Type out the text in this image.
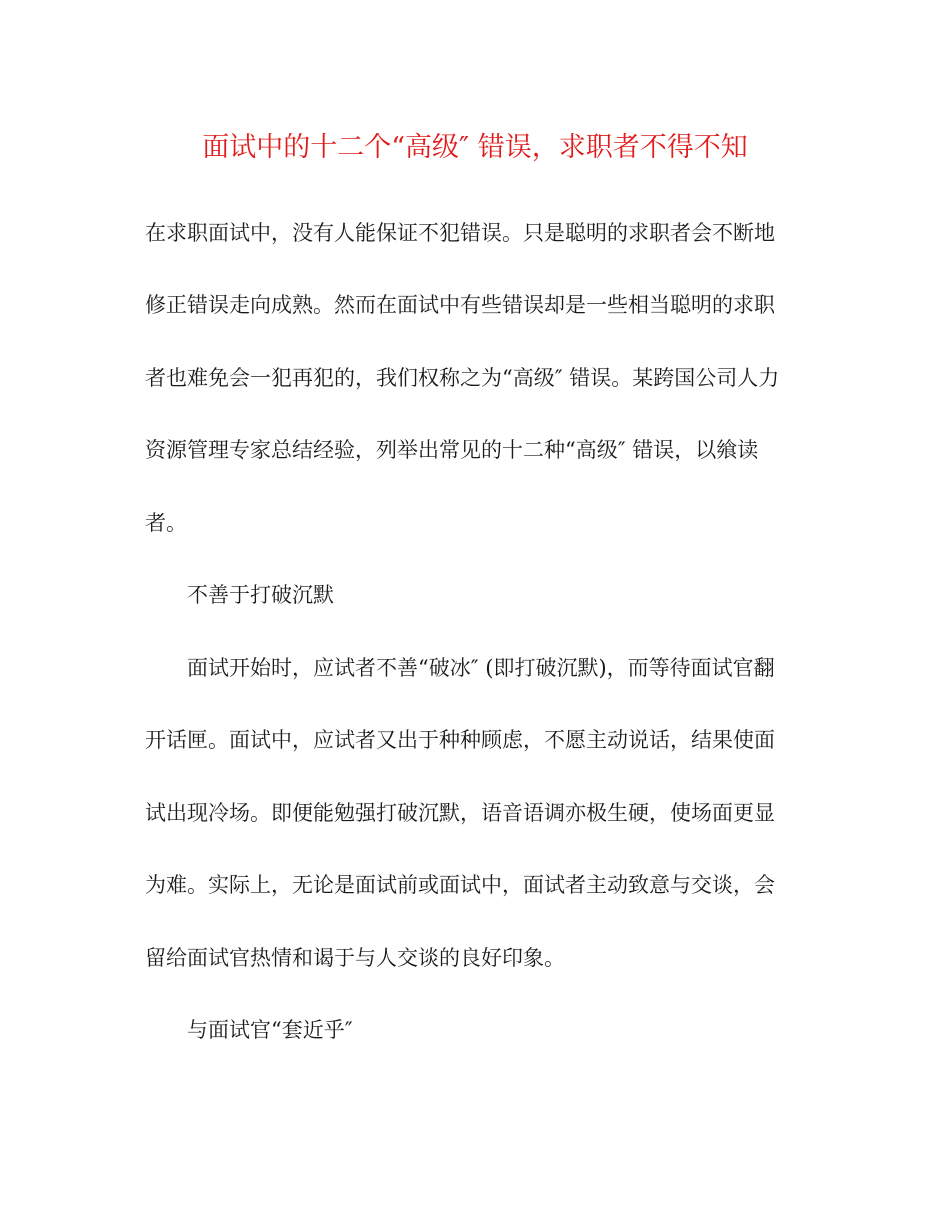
面试中的十二个“高级″ 错误，求职者不得不知
在求职面试中，没有人能保证不犯错误。只是聪明的求职者会不断地
修正错误走向成熟。然而在面试中有些错误却是一些相当聪明的求职
者也难免会一犯再犯的，我们权称之为“高级″ 错误。某跨国公司人力
资源管理专家总结经验，列举出常见的十二种“高级″ 错误，以飨读
者。
不善于打破沉默
面试开始时，应试者不善“破冰″ (即打破沉默)，而等待面试官翻
开话匣。面试中，应试者又出于种种顾虑，不愿主动说话，结果使面
试出现冷场。即便能勉强打破沉默，语音语调亦极生硬，使场面更显
为难。实际上，无论是面试前或面试中，面试者主动致意与交谈，会
留给面试官热情和谒于与人交谈的良好印象。
与面试官“套近乎″
